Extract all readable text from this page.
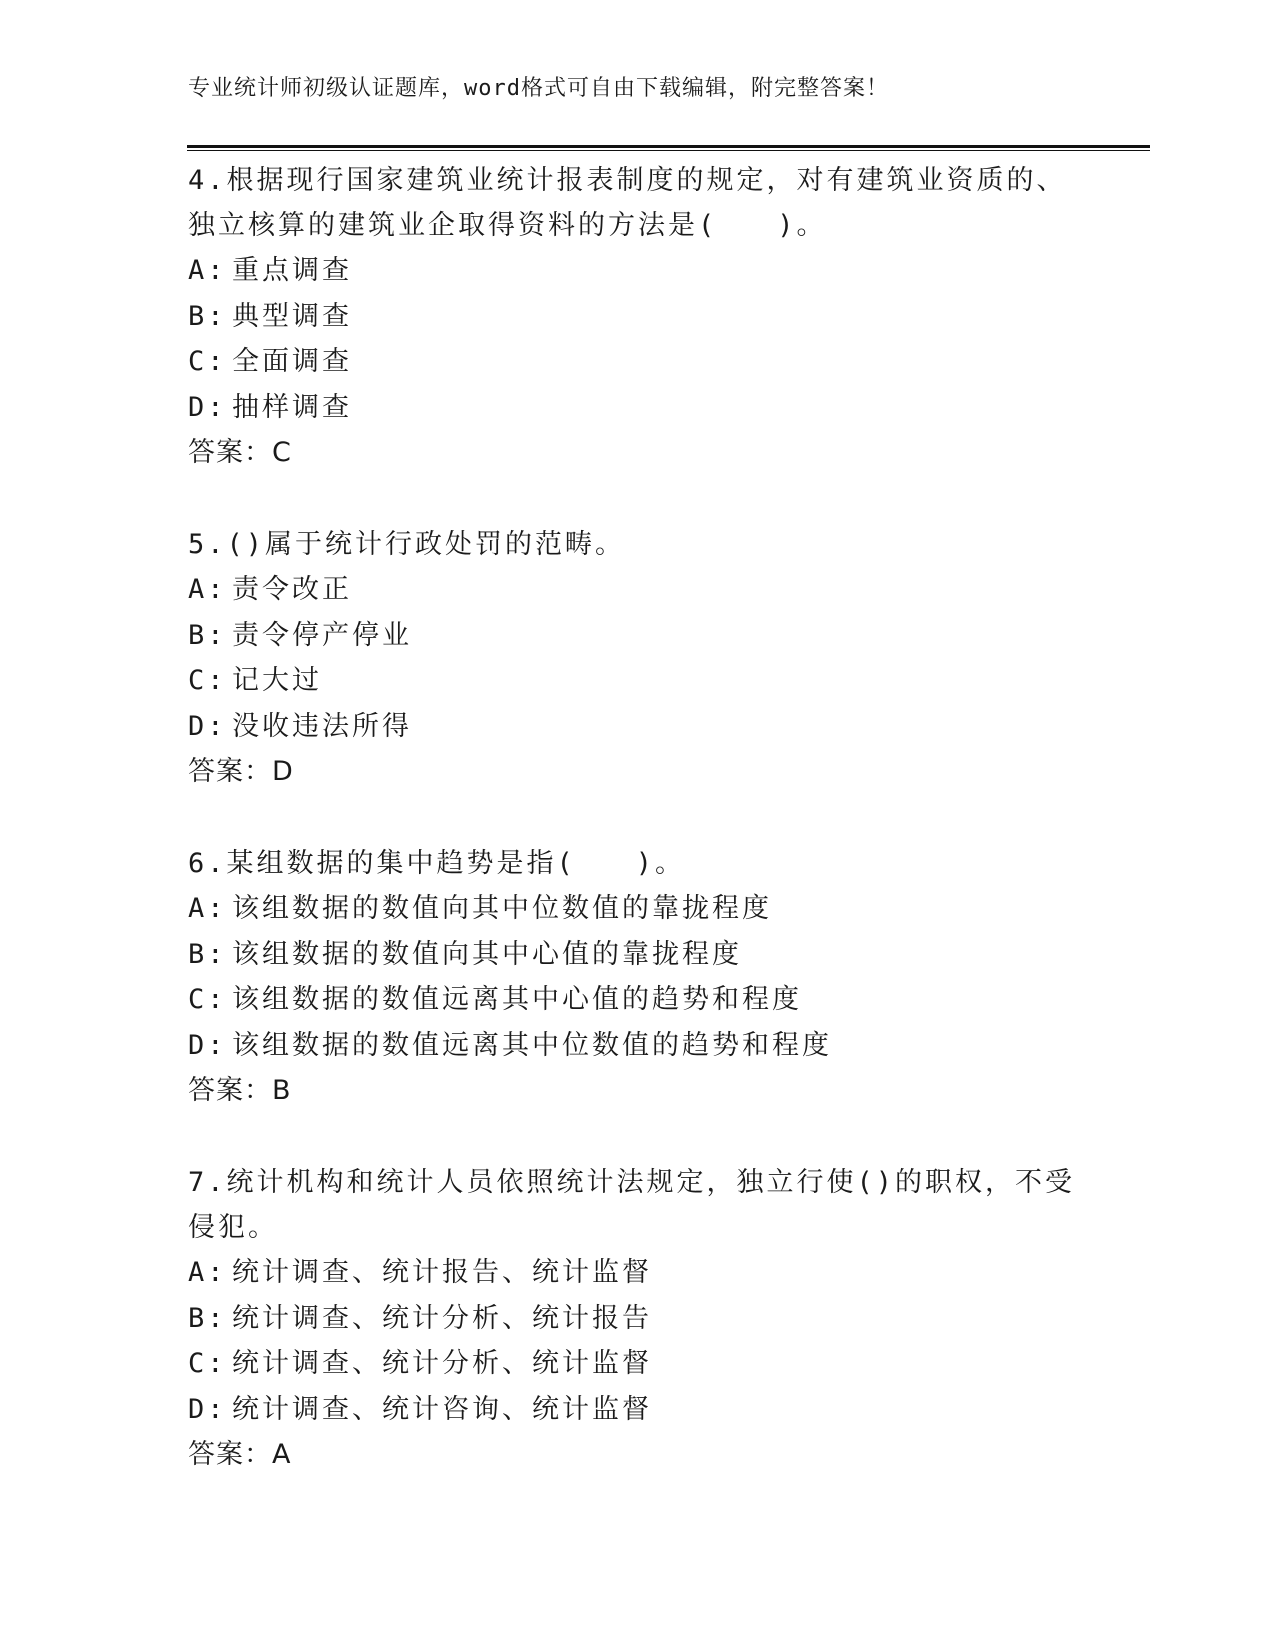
专业统计师初级认证题库，word格式可自由下载编辑，附完整答案！

4.根据现行国家建筑业统计报表制度的规定，对有建筑业资质的、独立核算的建筑业企取得资料的方法是(　　)。

A: 重点调查
B: 典型调查
C: 全面调查
D: 抽样调查
答案：C

5.()属于统计行政处罚的范畴。

A: 责令改正
B: 责令停产停业
C: 记大过
D: 没收违法所得
答案：D

6.某组数据的集中趋势是指(　　)。

A: 该组数据的数值向其中位数值的靠拢程度
B: 该组数据的数值向其中心值的靠拢程度
C: 该组数据的数值远离其中心值的趋势和程度
D: 该组数据的数值远离其中位数值的趋势和程度
答案：B

7.统计机构和统计人员依照统计法规定，独立行使()的职权，不受侵犯。

A: 统计调查、统计报告、统计监督
B: 统计调查、统计分析、统计报告
C: 统计调查、统计分析、统计监督
D: 统计调查、统计咨询、统计监督
答案：A
